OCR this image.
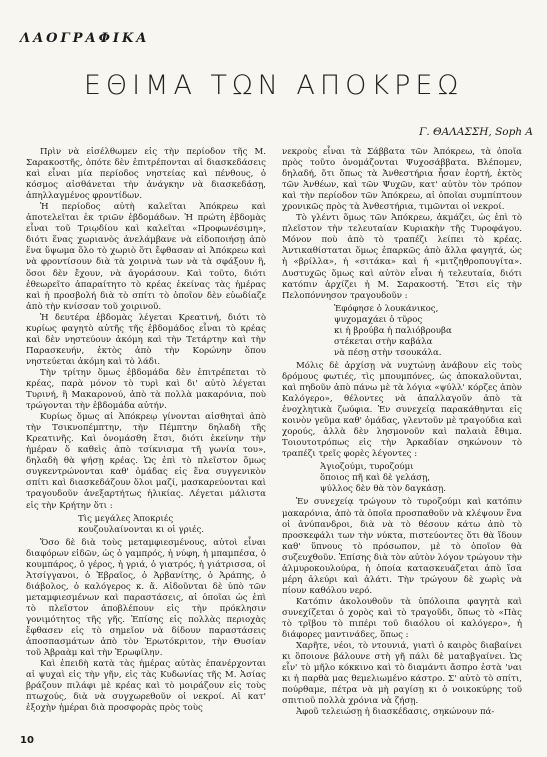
ΛΑΟΓΡΑΦΙΚΑ
ΕΘΙΜΑ ΤΩΝ ΑΠΟΚΡΕΩ
Γ. ΘΑΛΑΣΣΗ, Soph A

Πρὶν νὰ εἰσέλθωμεν εἰς τὴν περίοδον τῆς Μ. Σαρακοστῆς, ὁπότε δὲν ἐπιτρέπονται αἱ διασκεδάσεις καὶ εἶναι μία περίοδος νηστείας καὶ πένθους, ὁ κόσμος αἰσθάνεται τὴν ἀνάγκην νὰ διασκεδάσῃ, ἀπηλλαγμένος φροντίδων.

Ἡ περίοδος αὐτὴ καλεῖται Ἀπόκρεω καὶ ἀποτελεῖται ἐκ τριῶν ἑβδομάδων. Ἡ πρώτη ἑβδομὰς εἶναι τοῦ Τριῳδίου καὶ καλεῖται «Προφωνέσιμη», διότι ἕνας χωριανὸς ἀνελάμβανε νὰ εἰδοποιήσῃ ἀπὸ ἕνα ὕψωμα ὅλο τὸ χωριὸ ὅτι ἔφθασαν αἱ Ἀπόκρεω καὶ νὰ φροντίσουν διὰ τὰ χοιρινὰ των νὰ τὰ σφάξουν ἢ, ὅσοι δὲν ἔχουν, νὰ ἀγοράσουν. Καὶ τοῦτο, διότι ἐθεωρεῖτο ἀπαραίτητο τὸ κρέας ἐκείνας τὰς ἡμέρας καὶ ἡ προσβολή διὰ τὸ σπίτι τὸ ὁποῖον δὲν εὐωδίαζε ἀπὸ τὴν κνίσσαν τοῦ χοιρινοῦ.

Ἡ δευτέρα ἑβδομὰς λέγεται Κρεατινή, διότι τὸ κυρίως φαγητὸ αὐτῆς τῆς ἑβδομάδος εἶναι τὸ κρέας καὶ δὲν νηστεύουν ἀκόμη καὶ τὴν Τετάρτην καὶ τὴν Παρασκευήν, ἐκτὸς ἀπὸ τὴν Κορώνην ὅπου νηστεύεται ἀκόμη καὶ τὸ λάδι.

Τὴν τρίτην ὅμως ἑβδομάδα δὲν ἐπιτρέπεται τὸ κρέας, παρὰ μόνον τὸ τυρὶ καὶ δι' αὐτὸ λέγεται Τυρινή, ἢ Μακαρονού, ἀπὸ τὰ πολλὰ μακαρόνια, ποὺ τρώγονται τὴν ἑβδομάδα αὐτήν.

Κυρίως ὅμως αἱ Ἀπόκρεῳ γίνονται αἰσθηταὶ ἀπὸ τὴν Τσικνοπέμπτην, τὴν Πέμπτην δηλαδὴ τῆς Κρεατινῆς. Καὶ ὀνομάσθη ἔτσι, διότι ἐκείνην τὴν ἡμέραν ὅ καθεὶς ἀπὸ τσίκνισμα τῆ γωνία του», δηλαδὴ θὰ ψήσῃ κρέας. Ὡς ἐπὶ τὸ πλεῖστον ὅμως συγκεντρώνονται καθ' ὁμάδας εἰς ἕνα συγγενικὸν σπίτι καὶ διασκεδάζουν ὅλοι μαζί, μασκαρεύονται καὶ τραγουδοῦν ἀνεξαρτήτως ἡλικίας. Λέγεται μάλιστα εἰς τὴν Κρήτην ὅτι :

Τὶς μεγάλες Ἀποκριές
κουζουλαίνονται κι οἱ γριές.

Ὅσο δὲ διὰ τοὺς μεταμφιεσμένους, αὐτοὶ εἶναι διαφόρων εἰδῶν, ὡς ὁ γαμπρός, ἡ νύφη, ἡ μπαμπέσα, ὁ κουμπάρος, ὁ γέρος, ἡ γριά, ὁ γιατρός, ἡ γιάτρισσα, οἱ Ἀτσίγγανοι, ὁ Ἑβραῖος, ὁ Ἀρβανίτης, ὁ Ἀράπης, ὁ διάβολος, ὁ καλόγερος κ. ἄ. Αἰδοῦνται δὲ ὑπὸ τῶν μεταμφιεσμένων καὶ παραστάσεις, αἱ ὁποῖαι ὡς ἐπὶ τὸ πλεῖστον ἀποβλέπουν εἰς τὴν πρόκλησιν γονιμότητος τῆς γῆς. Ἐπίσης εἰς πολλὰς περιοχὰς ἔφθασεν εἰς τὸ σημεῖον νὰ δίδουν παραστάσεις ἀποσπασμάτων ἀπὸ τὸν Ἐρωτόκριτον, τὴν Θυσίαν τοῦ Ἀβραὰμ καὶ τὴν Ἐρωφίλην.

Καὶ ἐπειδὴ κατὰ τὰς ἡμέρας αὐτὰς ἐπανέρχονται αἱ ψυχαὶ εἰς τὴν γῆν, εἰς τὰς Κυδωνίας τῆς Μ. Ἀσίας βράζουν πιλάφι μὲ κρέας καὶ τὸ μοιράζουν εἰς τοὺς πτωχούς, διὰ νὰ συγχωρεθοῦν οἱ νεκροί. Αἱ κατ' ἐξοχὴν ἡμέραι διὰ προσφορὰς πρὸς τοὺς

νεκροὺς εἶναι τὰ Σάββατα τῶν Ἀπόκρεω, τὰ ὁποῖα πρὸς τοῦτο ὀνομάζονται Ψυχοσάββατα. Βλέπομεν, δηλαδή, ὅτι ὅπως τὰ Ἀνθεστήρια ἦσαν ἑορτή, ἐκτὸς τῶν Ἀνθέων, καὶ τῶν Ψυχῶν, κατ' αὐτὸν τὸν τρόπον καὶ τὴν περίοδον τῶν Ἀπόκρεω, αἱ ὁποῖαι συμπίπτουν χρονικῶς πρὸς τὰ Ἀνθεστήρια, τιμῶνται οἱ νεκροί.

Τὸ γλέντι ὅμως τῶν Ἀπόκρεω, ἀκμάζει, ὡς ἐπὶ τὸ πλεῖστον τὴν τελευταίαν Κυριακὴν τῆς Τυροφάγου. Μόνον ποὺ ἀπὸ τὸ τραπέζι λείπει τὸ κρέας. Ἀντικαθίσταται ὅμως ἐπαρκῶς ἀπὸ ἄλλα φαγητά, ὡς ἡ «βρίλλα», ἡ «σιτάκα» καὶ ἡ «μιτζηθροπουγίτα». Δυστυχῶς ὅμως καὶ αὐτὸν εἶναι ἡ τελευταία, διότι κατόπιν ἀρχίζει ἡ Μ. Σαρακοστή. Ἔτσι εἰς τὴν Πελοπόννησον τραγουδοῦν :

Ἐφόφησε ὁ λουκάνικος,
ψυχομαχάει ὁ τῦρος
κι ἡ βρούβα ἡ παλιόβρουβα
στέκεται στὴν καβάλα
νὰ πέσῃ στὴν τσουκάλα.

Μόλις δὲ ἀρχίσῃ νὰ νυχτώνῃ ἀνάβουν εἰς τοὺς δρόμους φωτιές, τὶς μπουμπόνες, ὡς ἀποκαλοῦνται, καὶ πηδοῦν ἀπὸ πάνω μὲ τὰ λόγια «ψύλλ' κόρζες ἀπὸν Καλόγερο», θέλοντες νὰ ἀπαλλαγοῦν ἀπὸ τὰ ἐνοχλητικὰ ζωύφια. Ἐν συνεχείᾳ παρακάθηνται εἰς κοινὸν γεῦμα καθ' ὁμάδας, γλεντοῦν μὲ τραγούδια καὶ χορούς, ἀλλὰ δὲν λησμονοῦν καὶ παλαιὰ ἔθιμα. Τοιουτοτρόπως εἰς τὴν Ἀρκαδίαν σηκώνουν τὸ τραπέζι τρεῖς φορὲς λέγοντες :

Ἀγιοζούμι, τυροζούμι
ὅποιος πῆ καὶ δὲ γελάσῃ,
ψύλλος δὲν θὰ τὸν δαγκάσῃ.

Ἐν συνεχείᾳ τρώγουν τὸ τυροζούμι καὶ κατόπιν μακαρόνια, ἀπὸ τὰ ὁποῖα προσπαθοῦν νὰ κλέψουν ἕνα οἱ ἀνύπανδροι, διὰ νὰ τὸ θέσουν κάτω ἀπὸ τὸ προσκεφάλι των τὴν νύκτα, πιστεύοντες ὅτι θὰ ἴδουν καθ' ὕπνους τὸ πρόσωπον, μὲ τὸ ὁποῖον θὰ συζευχθοῦν. Ἐπίσης διὰ τὸν αὐτὸν λόγον τρώγουν τὴν ἁλμυροκουλούρα, ἡ ὁποία κατασκευάζεται ἀπὸ ἴσα μέρη ἀλεύρι καὶ ἁλάτι. Τὴν τρώγουν δὲ χωρὶς νὰ πίουν καθόλου νερό.

Κατόπιν ἀκολουθοῦν τὰ ὑπόλοιπα φαγητὰ καὶ συνεχίζεται ὁ χορὸς καὶ τὸ τραγοῦδι, ὅπως τὸ «Πὰς τὸ τρῖβου τὸ πιπέρι τοῦ διαόλου οἱ καλόγερο», ἡ διάφορες μαντινάδες, ὅπως :

Χαρῆτε, νέοι, τὸ ντουνιά, γιατὶ ὁ καιρὸς διαβαίνει κι ὅποιονε βάλουνε στὴ γῆ πάλι δὲ ματαβγαίνει. Ὡς εἶν' τὸ μῆλο κόκκινο καὶ τὸ διαμάντι ἄσπρο ἐστὰ 'ναι κι ἡ παρθὰ μας θεμελιωμένο κάστρο. Σ' αὐτὸ τὸ σπίτι, πούρθαμε, πέτρα νὰ μὴ ραγίσῃ κι ὁ νοικοκύρης τοῦ σπιτιοῦ πολλὰ χρόνια νὰ ζήσῃ.

Ἀφοῦ τελειώσῃ ἡ διασκέδασις, σηκώνουν πά-

10
